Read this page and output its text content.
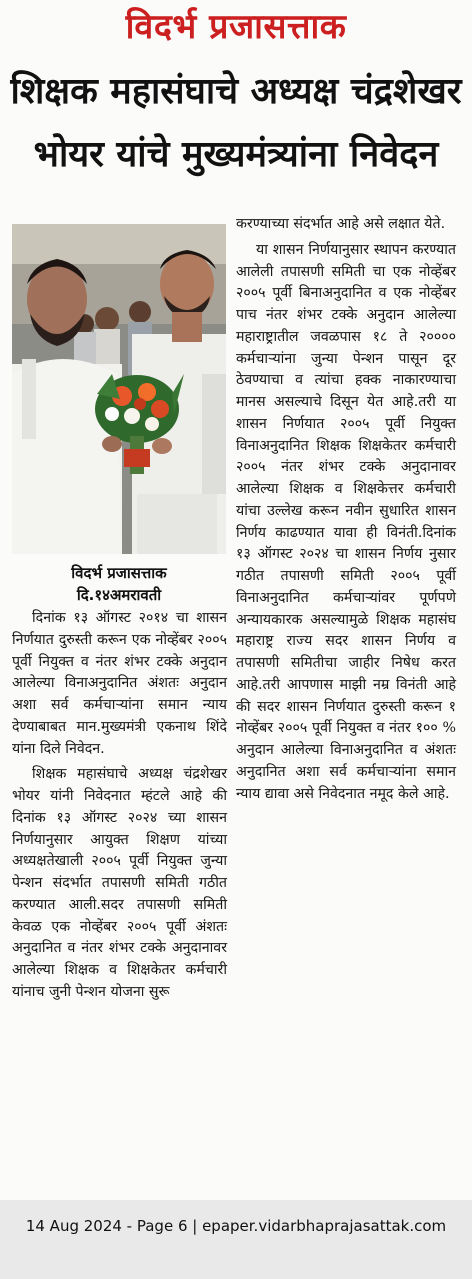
विदर्भ प्रजासत्ताक
शिक्षक महासंघाचे अध्यक्ष चंद्रशेखर भोयर यांचे मुख्यमंत्र्यांना निवेदन
विदर्भ प्रजासत्ताक
दि.१४अमरावती

दिनांक १३ ऑगस्ट २०१४ चा शासन निर्णयात दुरुस्ती करून एक नोव्हेंबर २००५ पूर्वी नियुक्त व नंतर शंभर टक्के अनुदान आलेल्या विनाअनुदानित अंशतः अनुदान अशा सर्व कर्मचाऱ्यांना समान न्याय देण्याबाबत मान.मुख्यमंत्री एकनाथ शिंदे यांना दिले निवेदन.

शिक्षक महासंघाचे अध्यक्ष चंद्रशेखर भोयर यांनी निवेदनात म्हंटले आहे की दिनांक १३ ऑगस्ट २०२४ च्या शासन निर्णयानुसार आयुक्त शिक्षण यांच्या अध्यक्षतेखाली २००५ पूर्वी नियुक्त जुन्या पेन्शन संदर्भात तपासणी समिती गठीत करण्यात आली.सदर तपासणी समिती केवळ एक नोव्हेंबर २००५ पूर्वी अंशतः अनुदानित व नंतर शंभर टक्के अनुदानावर आलेल्या शिक्षक व शिक्षकेतर कर्मचारी यांनाच जुनी पेन्शन योजना सुरू

करण्याच्या संदर्भात आहे असे लक्षात येते.

या शासन निर्णयानुसार स्थापन करण्यात आलेली तपासणी समिती चा एक नोव्हेंबर २००५ पूर्वी बिनाअनुदानित व एक नोव्हेंबर पाच नंतर शंभर टक्के अनुदान आलेल्या महाराष्ट्रातील जवळपास १८ ते २०००० कर्मचाऱ्यांना जुन्या पेन्शन पासून दूर ठेवण्याचा व त्यांचा हक्क नाकारण्याचा मानस असल्याचे दिसून येत आहे.तरी या शासन निर्णयात २००५ पूर्वी नियुक्त विनाअनुदानित शिक्षक शिक्षकेतर कर्मचारी २००५ नंतर शंभर टक्के अनुदानावर आलेल्या शिक्षक व शिक्षकेत्तर कर्मचारी यांचा उल्लेख करून नवीन सुधारित शासन निर्णय काढण्यात यावा ही विनंती.दिनांक १३ ऑगस्ट २०२४ चा शासन निर्णय नुसार गठीत तपासणी समिती २००५ पूर्वी विनाअनुदानित कर्मचाऱ्यांवर पूर्णपणे अन्यायकारक असल्यामुळे शिक्षक महासंघ महाराष्ट्र राज्य सदर शासन निर्णय व तपासणी समितीचा जाहीर निषेध करत आहे.तरी आपणास माझी नम्र विनंती आहे की सदर शासन निर्णयात दुरुस्ती करून १ नोव्हेंबर २००५ पूर्वी नियुक्त व नंतर १०० % अनुदान आलेल्या विनाअनुदानित व अंशतः अनुदानित अशा सर्व कर्मचाऱ्यांना समान न्याय द्यावा असे निवेदनात नमूद केले आहे.

14 Aug 2024 - Page 6 | epaper.vidarbhaprajasattak.com
